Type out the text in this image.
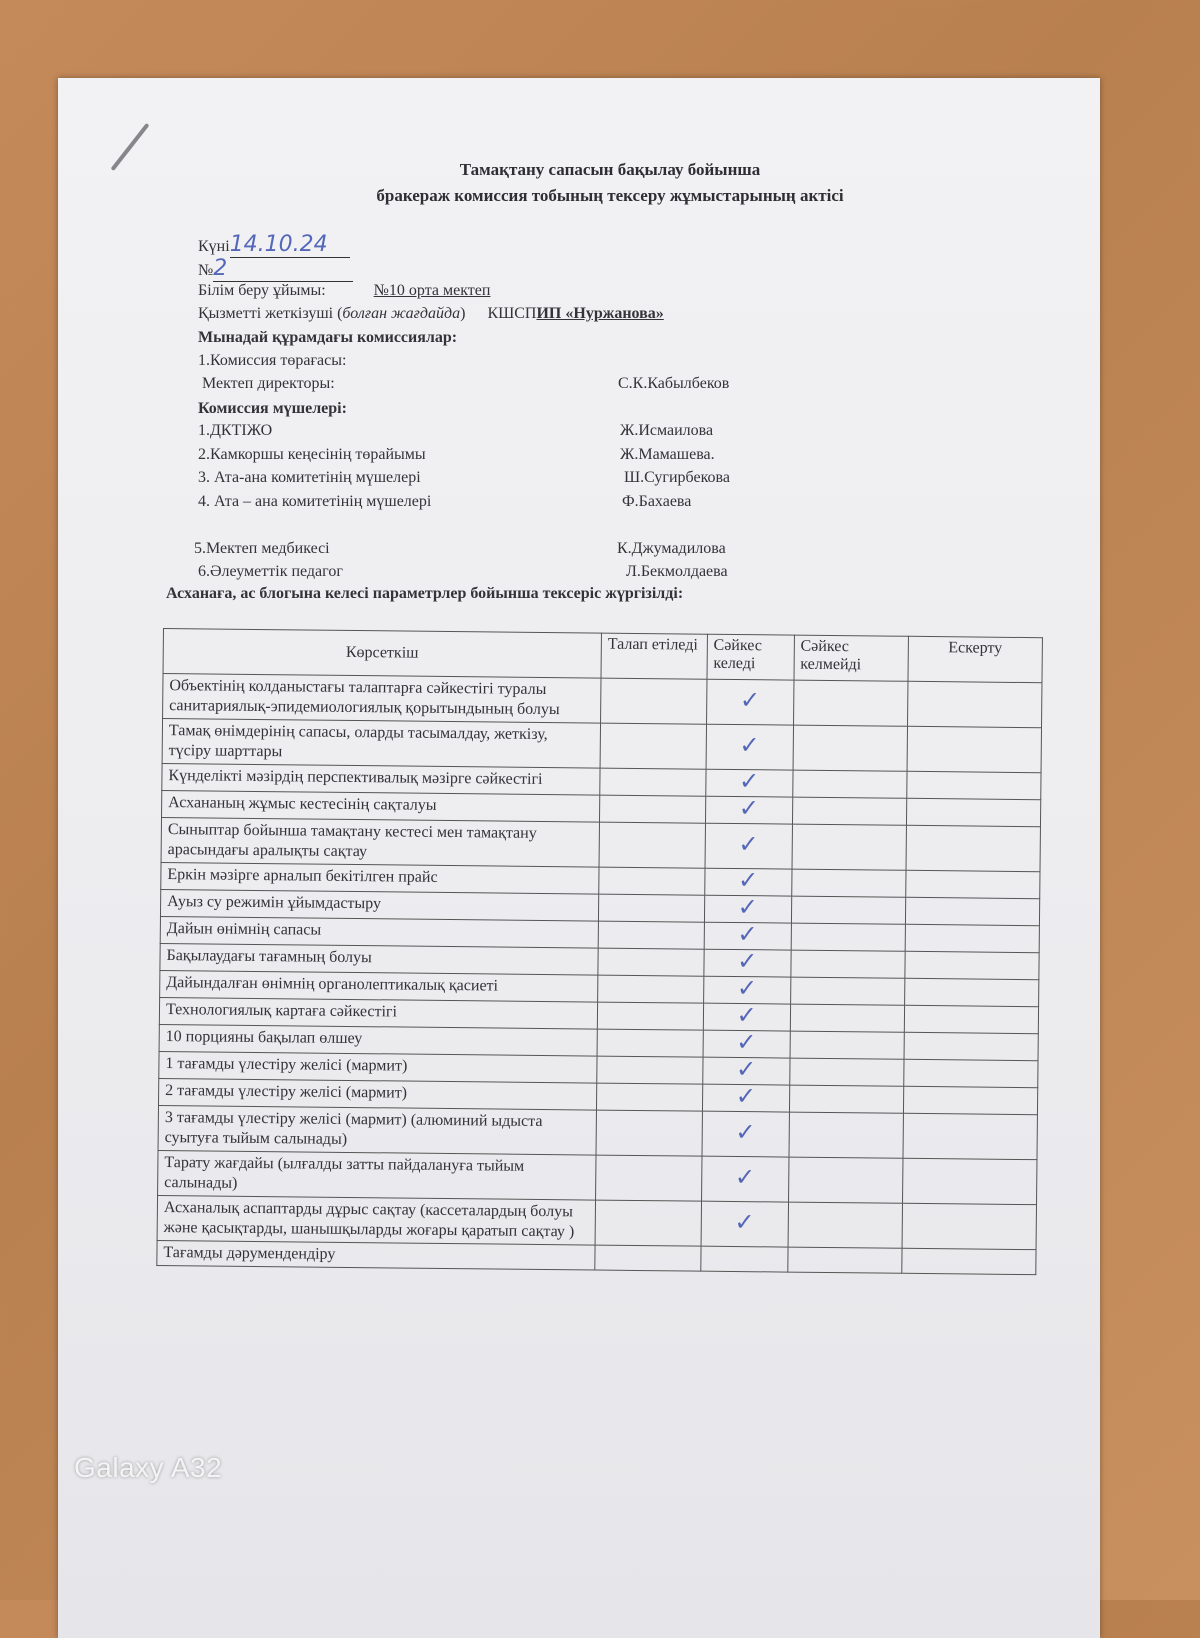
Тамақтану сапасын бақылау бойынша
бракераж комиссия тобының тексеру жұмыстарының актісі
Күні14.10.24
№2
Білім беру ұйымы:	№10 орта мектеп
Қызметті жеткізуші (болған жағдайда) КШСПИП «Нуржанова»
Мынадай құрамдағы комиссиялар:
1.Комиссия төрағасы:
Мектеп директоры:	С.К.Кабылбеков
Комиссия мүшелері:
1.ДКТІЖО	Ж.Исмаилова
2.Камкоршы кеңесінің төрайымы	Ж.Мамашева.
3. Ата-ана комитетінің мүшелері	Ш.Сугирбекова
4. Ата – ана комитетінің мүшелері	Ф.Бахаева
5.Мектеп медбикесі	К.Джумадилова
6.Әлеуметтік педагог	Л.Бекмолдаева
Асханаға, ас блогына келесі параметрлер бойынша тексеріс жүргізілді:
Көрсеткіш	Талап етіледі	Сәйкес келеді	Сәйкес келмейді	Ескерту
Объектінің колданыстағы талаптарға сәйкестігі туралы санитариялық-эпидемиологиялық қорытындының болуы		✓		
Тамақ өнімдерінің сапасы, оларды тасымалдау, жеткізу, түсіру шарттары		✓		
Күнделікті мәзірдің перспективалық мәзірге сәйкестігі		✓		
Асхананың жұмыс кестесінің сақталуы		✓		
Сыныптар бойынша тамақтану кестесі мен тамақтану арасындағы аралықты сақтау		✓		
Еркін мәзірге арналып бекітілген прайс		✓		
Ауыз су режимін ұйымдастыру		✓		
Дайын өнімнің сапасы		✓		
Бақылаудағы тағамның болуы		✓		
Дайындалған өнімнің органолептикалық қасиеті		✓		
Технологиялық картаға сәйкестігі		✓		
10 порцияны бақылап өлшеу		✓		
1 тағамды үлестіру желісі (мармит)		✓		
2 тағамды үлестіру желісі (мармит)		✓		
3 тағамды үлестіру желісі (мармит) (алюминий ыдыста суытуға тыйым салынады)		✓		
Тарату жағдайы (ылғалды затты пайдалануға тыйым салынады)		✓		
Асханалық аспаптарды дұрыс сақтау (кассеталардың болуы және қасықтарды, шанышқыларды жоғары қаратып сақтау )		✓		
Тағамды дәрумендендіру				
Galaxy A32
